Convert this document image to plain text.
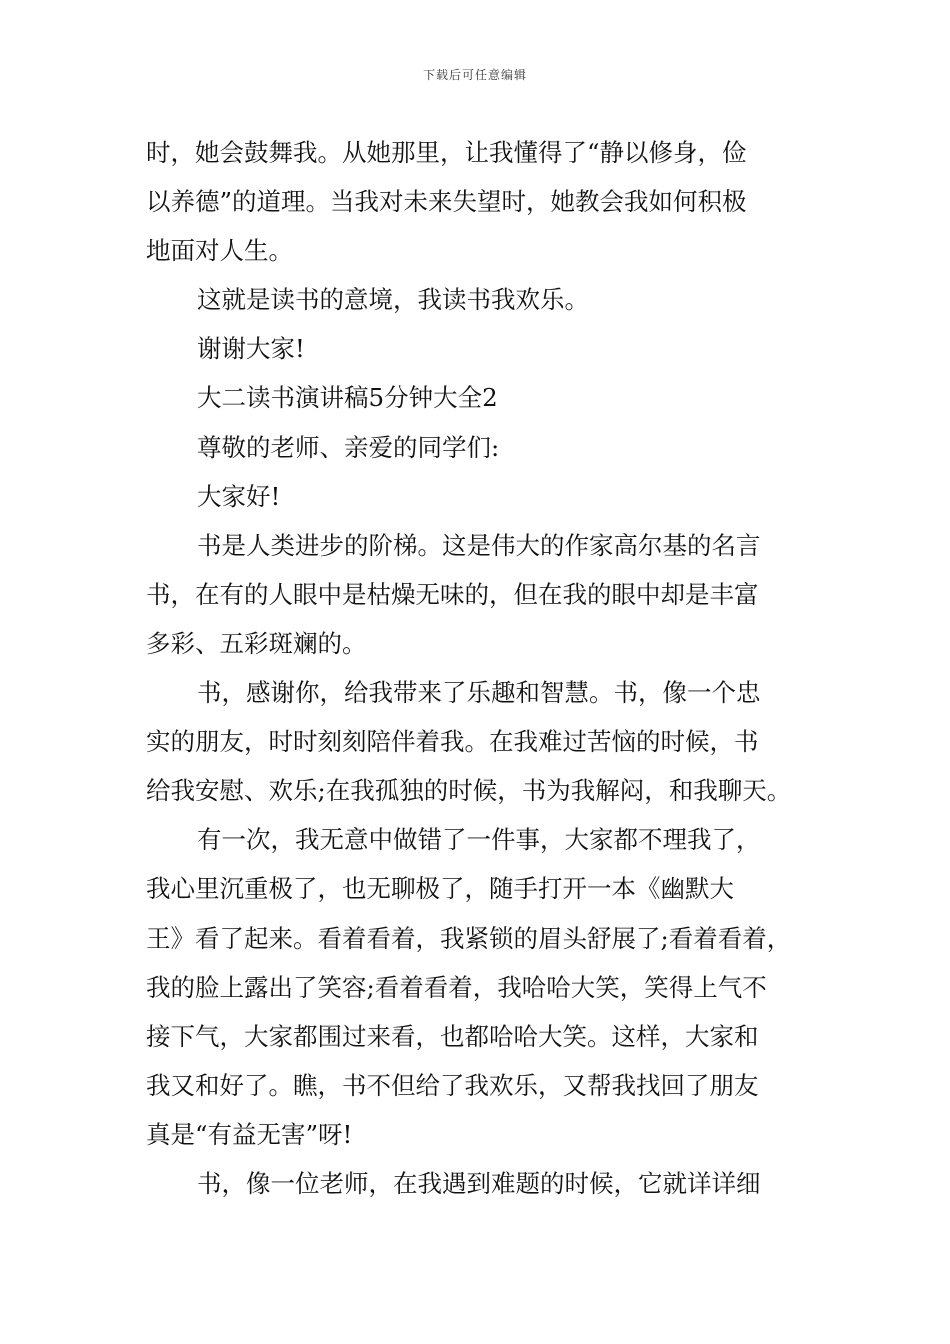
下载后可任意编辑
时，她会鼓舞我。从她那里，让我懂得了“静以修身，俭
以养德”的道理。当我对未来失望时，她教会我如何积极
地面对人生。
这就是读书的意境，我读书我欢乐。
谢谢大家!
大二读书演讲稿5分钟大全2
尊敬的老师、亲爱的同学们:
大家好!
书是人类进步的阶梯。这是伟大的作家高尔基的名言
书，在有的人眼中是枯燥无味的，但在我的眼中却是丰富
多彩、五彩斑斓的。
书，感谢你，给我带来了乐趣和智慧。书，像一个忠
实的朋友，时时刻刻陪伴着我。在我难过苦恼的时候，书
给我安慰、欢乐;在我孤独的时候，书为我解闷，和我聊天。
有一次，我无意中做错了一件事，大家都不理我了，
我心里沉重极了，也无聊极了，随手打开一本《幽默大
王》看了起来。看着看着，我紧锁的眉头舒展了;看着看着，
我的脸上露出了笑容;看着看着，我哈哈大笑，笑得上气不
接下气，大家都围过来看，也都哈哈大笑。这样，大家和
我又和好了。瞧，书不但给了我欢乐，又帮我找回了朋友
真是“有益无害”呀!
书，像一位老师，在我遇到难题的时候，它就详详细
